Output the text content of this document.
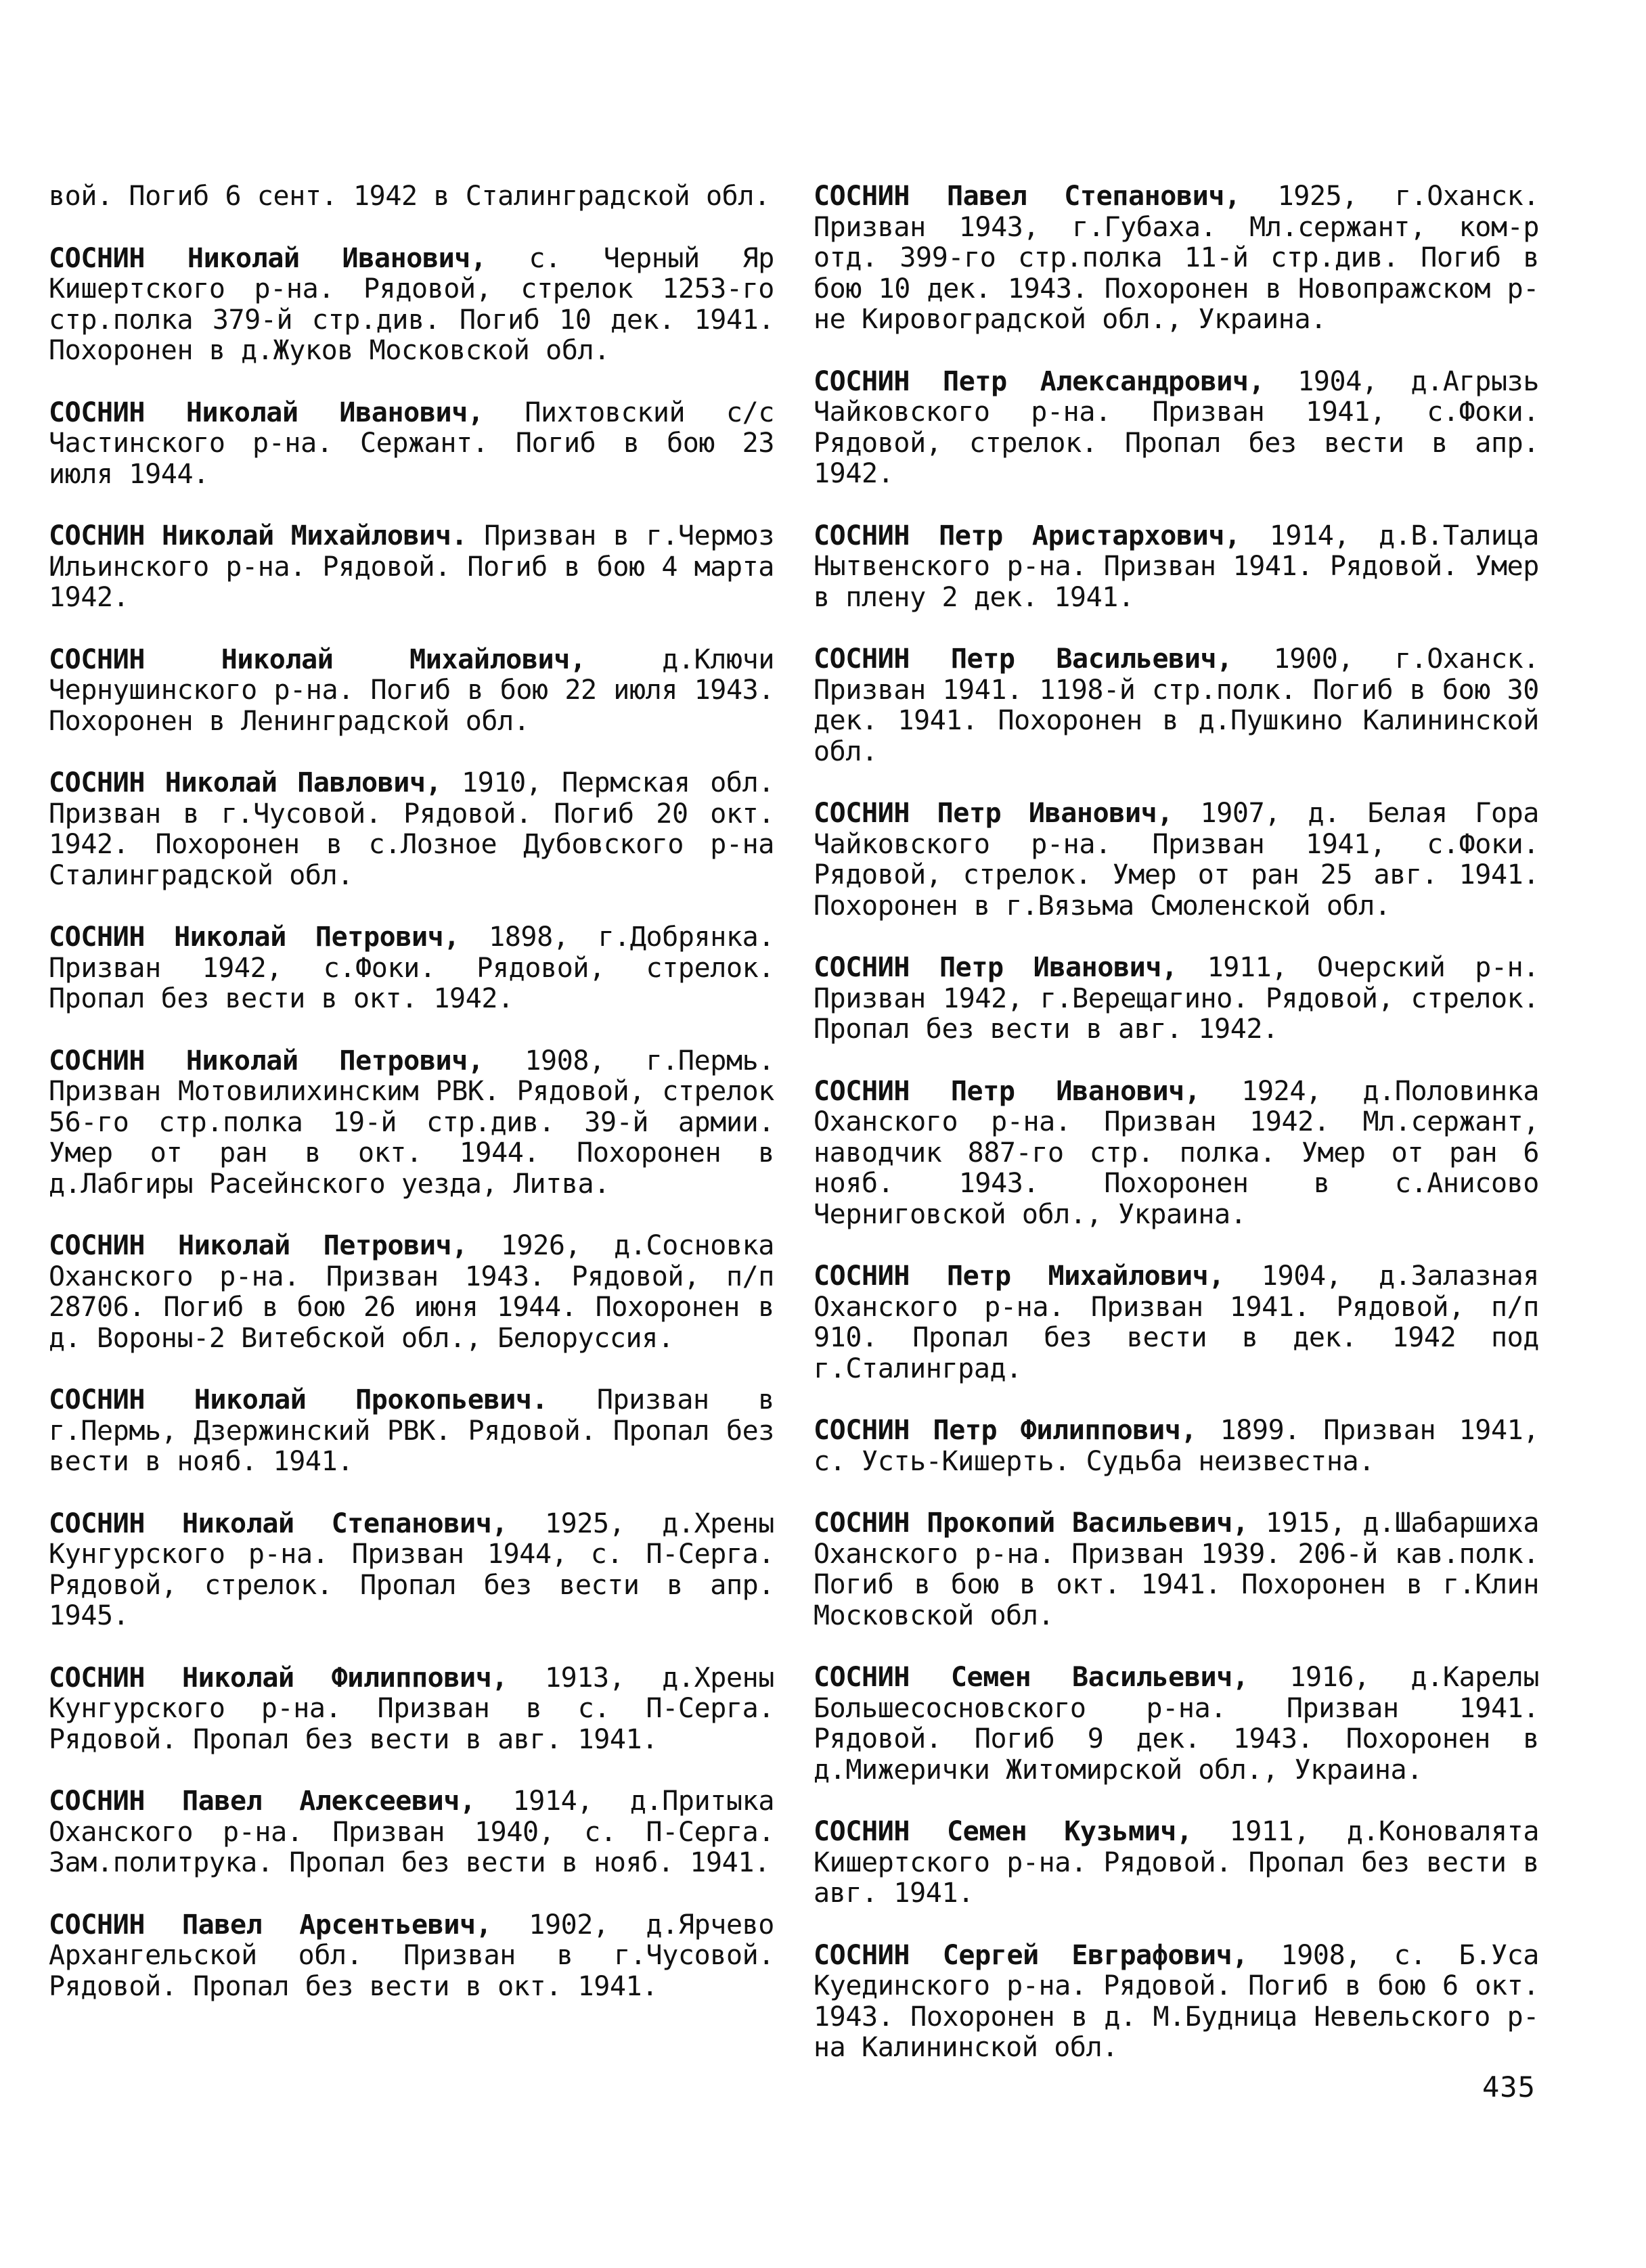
вой. Погиб 6 сент. 1942 в Сталинградской обл.

СОСНИН Николай Иванович, с. Черный Яр Кишертского р-на. Рядовой, стрелок 1253-го стр.полка 379-й стр.див. Погиб 10 дек. 1941. Похоронен в д.Жуков Московской обл.

СОСНИН Николай Иванович, Пихтовский с/с Частинского р-на. Сержант. Погиб в бою 23 июля 1944.

СОСНИН Николай Михайлович. Призван в г.Чермоз Ильинского р-на. Рядовой. Погиб в бою 4 марта 1942.

СОСНИН Николай Михайлович, д.Ключи Чернушинского р-на. Погиб в бою 22 июля 1943. Похоронен в Ленинградской обл.

СОСНИН Николай Павлович, 1910, Пермская обл. Призван в г.Чусовой. Рядовой. Погиб 20 окт. 1942. Похоронен в с.Лозное Дубовского р-на Сталинградской обл.

СОСНИН Николай Петрович, 1898, г.Добрянка. Призван 1942, с.Фоки. Рядовой, стрелок. Пропал без вести в окт. 1942.

СОСНИН Николай Петрович, 1908, г.Пермь. Призван Мотовилихинским РВК. Рядовой, стрелок 56-го стр.полка 19-й стр.див. 39-й армии. Умер от ран в окт. 1944. Похоронен в д.Лабгиры Расейнского уезда, Литва.

СОСНИН Николай Петрович, 1926, д.Сосновка Оханского р-на. Призван 1943. Рядовой, п/п 28706. Погиб в бою 26 июня 1944. Похоронен в д. Вороны-2 Витебской обл., Белоруссия.

СОСНИН Николай Прокопьевич. Призван в г.Пермь, Дзержинский РВК. Рядовой. Пропал без вести в нояб. 1941.

СОСНИН Николай Степанович, 1925, д.Хрены Кунгурского р-на. Призван 1944, с. П-Серга. Рядовой, стрелок. Пропал без вести в апр. 1945.

СОСНИН Николай Филиппович, 1913, д.Хрены Кунгурского р-на. Призван в с. П-Серга. Рядовой. Пропал без вести в авг. 1941.

СОСНИН Павел Алексеевич, 1914, д.Притыка Оханского р-на. Призван 1940, с. П-Серга. Зам.политрука. Пропал без вести в нояб. 1941.

СОСНИН Павел Арсентьевич, 1902, д.Ярчево Архангельской обл. Призван в г.Чусовой. Рядовой. Пропал без вести в окт. 1941.

СОСНИН Павел Степанович, 1925, г.Оханск. Призван 1943, г.Губаха. Мл.сержант, ком-р отд. 399-го стр.полка 11-й стр.див. Погиб в бою 10 дек. 1943. Похоронен в Новопражском р-не Кировоградской обл., Украина.

СОСНИН Петр Александрович, 1904, д.Агрызь Чайковского р-на. Призван 1941, с.Фоки. Рядовой, стрелок. Пропал без вести в апр. 1942.

СОСНИН Петр Аристархович, 1914, д.В.Талица Нытвенского р-на. Призван 1941. Рядовой. Умер в плену 2 дек. 1941.

СОСНИН Петр Васильевич, 1900, г.Оханск. Призван 1941. 1198-й стр.полк. Погиб в бою 30 дек. 1941. Похоронен в д.Пушкино Калининской обл.

СОСНИН Петр Иванович, 1907, д. Белая Гора Чайковского р-на. Призван 1941, с.Фоки. Рядовой, стрелок. Умер от ран 25 авг. 1941. Похоронен в г.Вязьма Смоленской обл.

СОСНИН Петр Иванович, 1911, Очерский р-н. Призван 1942, г.Верещагино. Рядовой, стрелок. Пропал без вести в авг. 1942.

СОСНИН Петр Иванович, 1924, д.Половинка Оханского р-на. Призван 1942. Мл.сержант, наводчик 887-го стр. полка. Умер от ран 6 нояб. 1943. Похоронен в с.Анисово Черниговской обл., Украина.

СОСНИН Петр Михайлович, 1904, д.Залазная Оханского р-на. Призван 1941. Рядовой, п/п 910. Пропал без вести в дек. 1942 под г.Сталинград.

СОСНИН Петр Филиппович, 1899. Призван 1941, с. Усть-Кишерть. Судьба неизвестна.

СОСНИН Прокопий Васильевич, 1915, д.Шабаршиха Оханского р-на. Призван 1939. 206-й кав.полк. Погиб в бою в окт. 1941. Похоронен в г.Клин Московской обл.

СОСНИН Семен Васильевич, 1916, д.Карелы Большесосновского р-на. Призван 1941. Рядовой. Погиб 9 дек. 1943. Похоронен в д.Мижерички Житомирской обл., Украина.

СОСНИН Семен Кузьмич, 1911, д.Коновалята Кишертского р-на. Рядовой. Пропал без вести в авг. 1941.

СОСНИН Сергей Евграфович, 1908, с. Б.Уса Куединского р-на. Рядовой. Погиб в бою 6 окт. 1943. Похоронен в д. М.Будница Невельского р-на Калининской обл.

435
